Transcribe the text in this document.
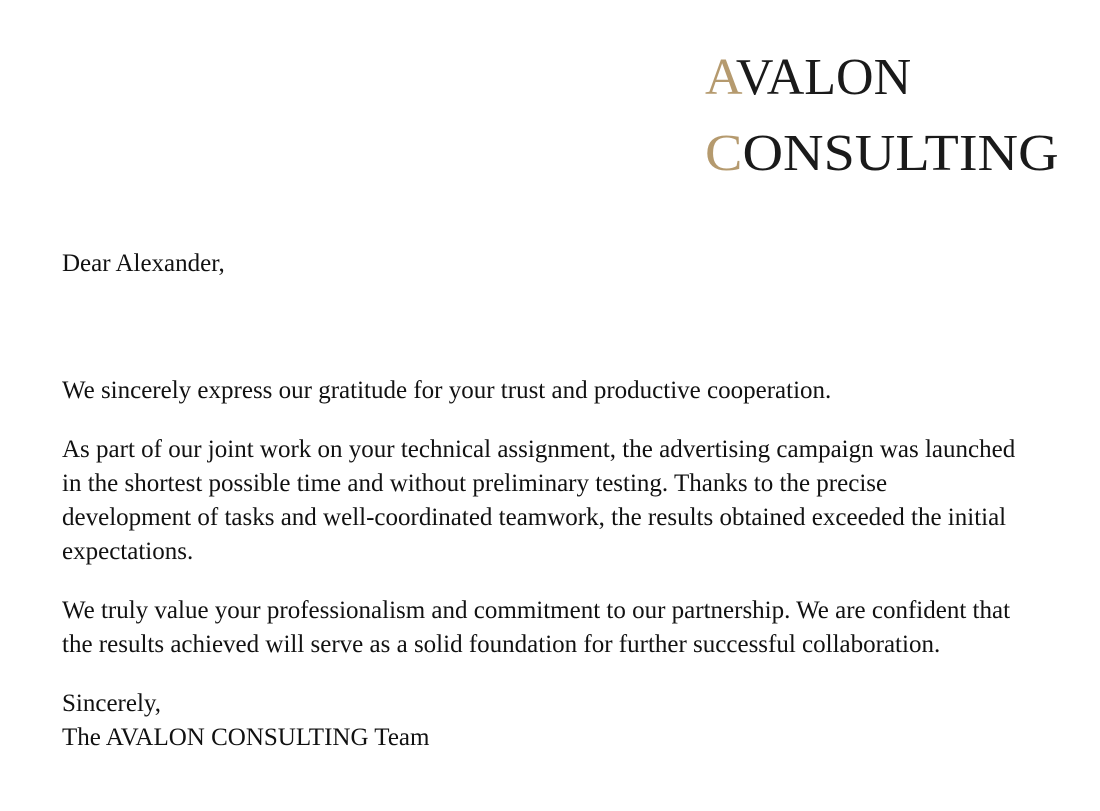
AVALON
CONSULTING

Dear Alexander,

We sincerely express our gratitude for your trust and productive cooperation.

As part of our joint work on your technical assignment, the advertising campaign was launched in the shortest possible time and without preliminary testing. Thanks to the precise development of tasks and well-coordinated teamwork, the results obtained exceeded the initial expectations.

We truly value your professionalism and commitment to our partnership. We are confident that the results achieved will serve as a solid foundation for further successful collaboration.

Sincerely,
The AVALON CONSULTING Team
